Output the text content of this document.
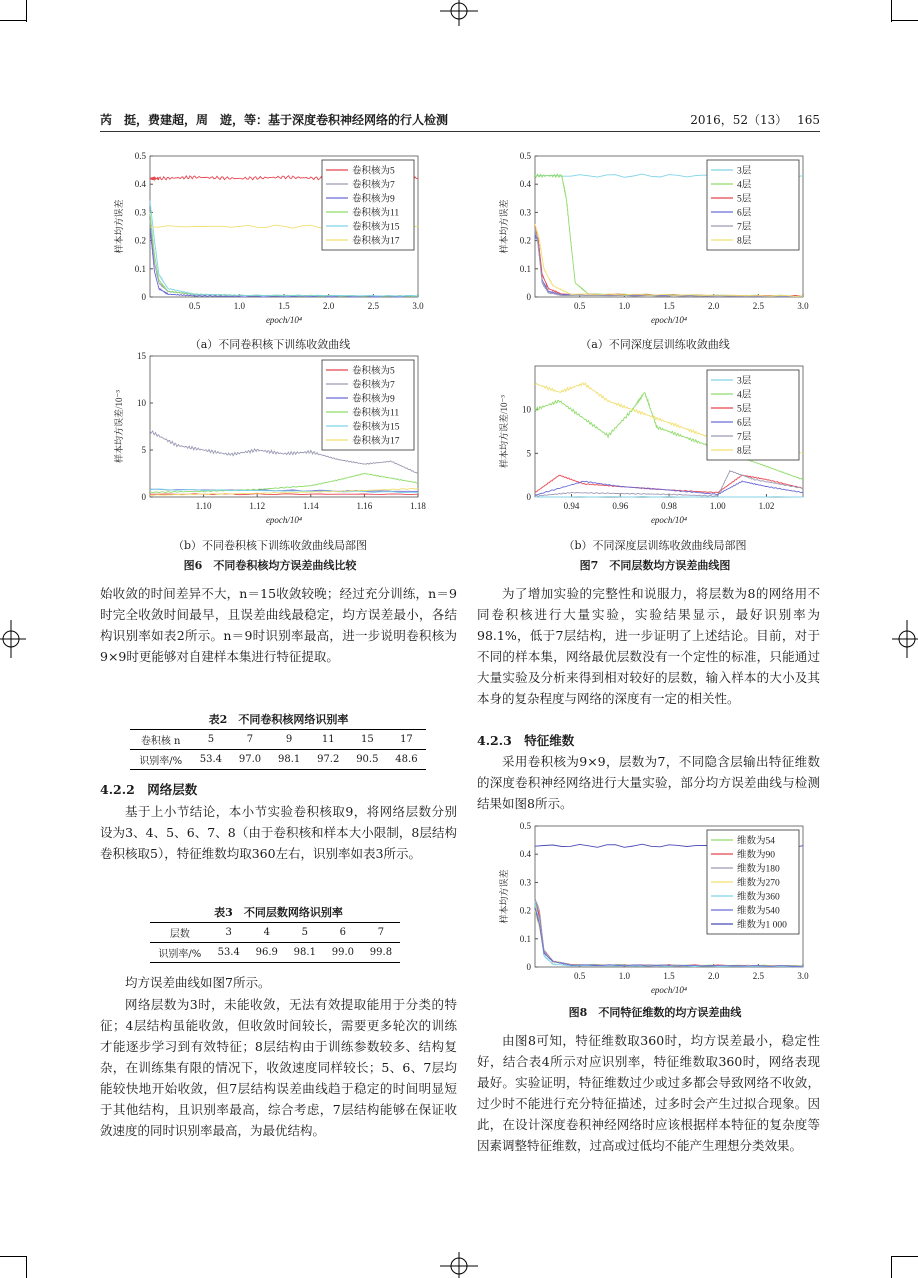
芮　挺，费建超，周　遊，等：基于深度卷积神经网络的行人检测	2016，52（13）　 165
0
0.1
0.2
0.3
0.4
0.5
0.5	1.0	1.5	2.0	2.5	3.0
epoch/10⁴
样本均方误差
卷积核为5
卷积核为7
卷积核为9
卷积核为11
卷积核为15
卷积核为17
（a）不同卷积核下训练收敛曲线
0
5
10
15
1.10	1.12	1.14	1.16	1.18
epoch/10⁴
样本均方误差/10⁻³
卷积核为5
卷积核为7
卷积核为9
卷积核为11
卷积核为15
卷积核为17
（b）不同卷积核下训练收敛曲线局部图
图6　不同卷积核均方误差曲线比较
0
0.1
0.2
0.3
0.4
0.5
0.5	1.0	1.5	2.0	2.5	3.0
epoch/10⁴
样本均方误差
3层
4层
5层
6层
7层
8层
（a）不同深度层训练收敛曲线
0
5
10
0.94	0.96	0.98	1.00	1.02
epoch/10⁴
样本均方误差/10⁻³
3层
4层
5层
6层
7层
8层
（b）不同深度层训练收敛曲线局部图
图7　不同层数均方误差曲线图

始收敛的时间差异不大，n＝15收敛较晚；经过充分训练，n＝9时完全收敛时间最早，且误差曲线最稳定，均方误差最小，各结构识别率如表2所示。n＝9时识别率最高，进一步说明卷积核为9×9时更能够对自建样本集进行特征提取。

表2　不同卷积核网络识别率
卷积核 n	5	7	9	11	15	17
识别率/%	53.4	97.0	98.1	97.2	90.5	48.6
4.2.2　网络层数

基于上小节结论，本小节实验卷积核取9，将网络层数分别设为3、4、5、6、7、8（由于卷积核和样本大小限制，8层结构卷积核取5），特征维数均取360左右，识别率如表3所示。

表3　不同层数网络识别率
层数	3	4	5	6	7
识别率/%	53.4	96.9	98.1	99.0	99.8

均方误差曲线如图7所示。

网络层数为3时，未能收敛，无法有效提取能用于分类的特征；4层结构虽能收敛，但收敛时间较长，需要更多轮次的训练才能逐步学习到有效特征；8层结构由于训练参数较多、结构复杂，在训练集有限的情况下，收敛速度同样较长；5、6、7层均能较快地开始收敛，但7层结构误差曲线趋于稳定的时间明显短于其他结构，且识别率最高，综合考虑，7层结构能够在保证收敛速度的同时识别率最高，为最优结构。

为了增加实验的完整性和说服力，将层数为8的网络用不同卷积核进行大量实验，实验结果显示，最好识别率为98.1%，低于7层结构，进一步证明了上述结论。目前，对于不同的样本集，网络最优层数没有一个定性的标准，只能通过大量实验及分析来得到相对较好的层数，输入样本的大小及其本身的复杂程度与网络的深度有一定的相关性。

4.2.3　特征维数

采用卷积核为9×9，层数为7，不同隐含层输出特征维数的深度卷积神经网络进行大量实验，部分均方误差曲线与检测结果如图8所示。

0
0.1
0.2
0.3
0.4
0.5
0.5	1.0	1.5	2.0	2.5	3.0
epoch/10⁴
样本均方误差
维数为54
维数为90
维数为180
维数为270
维数为360
维数为540
维数为1 000
图8　不同特征维数的均方误差曲线

由图8可知，特征维数取360时，均方误差最小，稳定性好，结合表4所示对应识别率，特征维数取360时，网络表现最好。实验证明，特征维数过少或过多都会导致网络不收敛，过少时不能进行充分特征描述，过多时会产生过拟合现象。因此，在设计深度卷积神经网络时应该根据样本特征的复杂度等因素调整特征维数，过高或过低均不能产生理想分类效果。
